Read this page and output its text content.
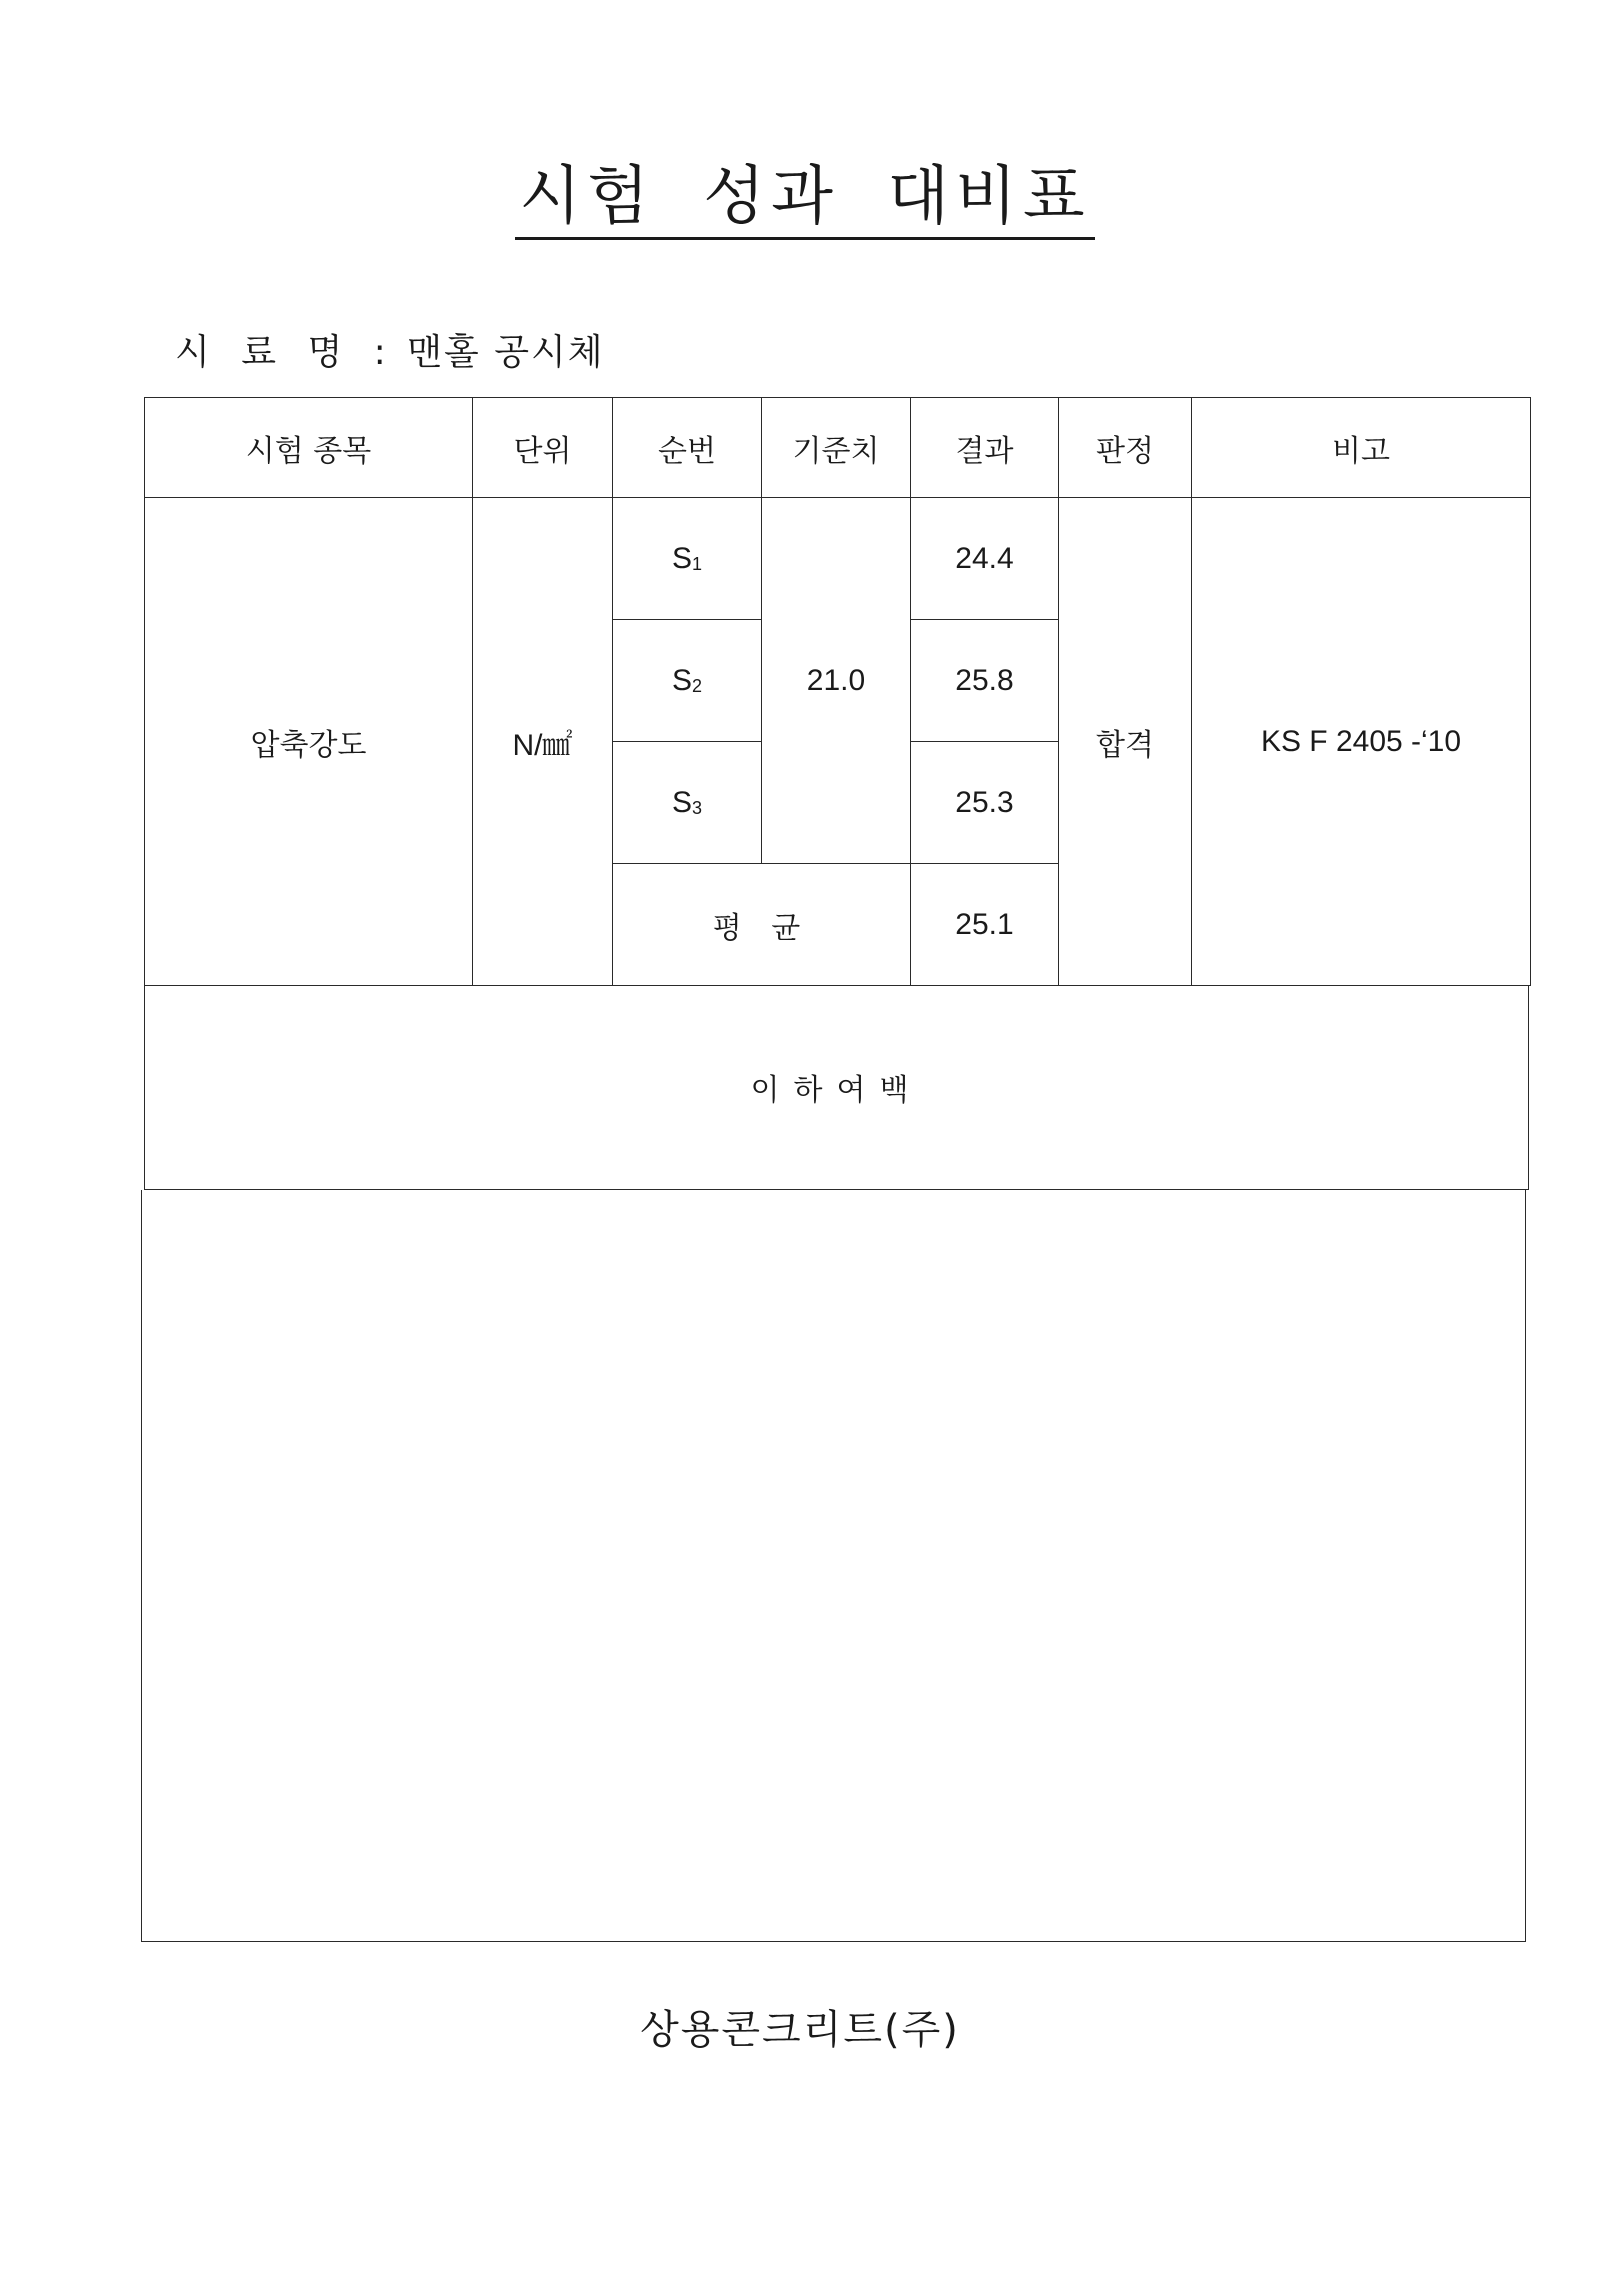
시험 성과 대비표
시 료 명 : 맨홀 공시체
시험 종목	단위	순번	기준치	결과	판정	비고
압축강도	N/㎟	S1	21.0	24.4	합격	KS F 2405 -‘10
		S2		25.8		
		S3		25.3		
		평 균		25.1		
이하여백
상용콘크리트(주)
